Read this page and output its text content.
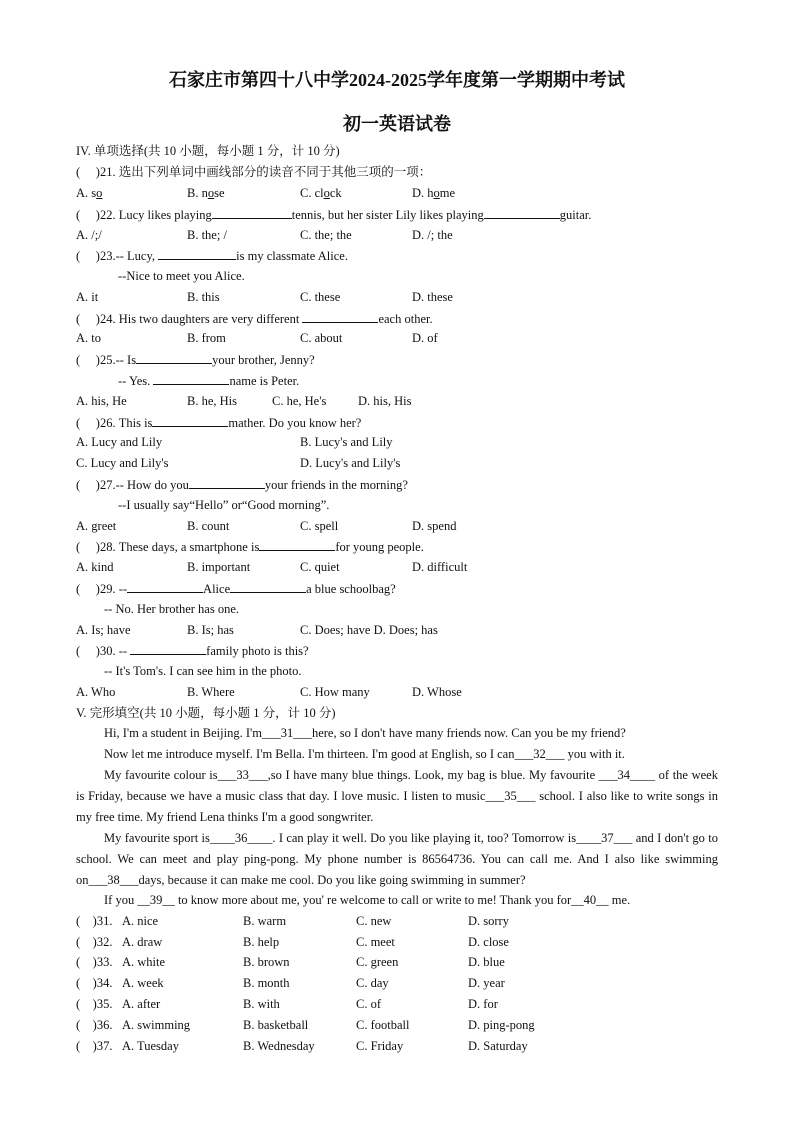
石家庄市第四十八中学2024-2025学年度第一学期期中考试
初一英语试卷
IV. 单项选择(共 10 小题，每小题 1 分，计 10 分)
( )21. 选出下列单词中画线部分的读音不同于其他三项的一项：
A. so	B. nose	C. clock	D. home
( )22. Lucy likes playing	tennis, but her sister Lily likes playing	guitar.
A. /;/	B. the; /	C. the; the	D. /; the
( )23.-- Lucy,	is my classmate Alice.
--Nice to meet you Alice.
A. it	B. this	C. these	D. these
( )24. His two daughters are very different	each other.
A. to	B. from	C. about	D. of
( )25.-- Is	your brother, Jenny?
-- Yes.	name is Peter.
A. his, He	B. he, His	C. he, He's	D. his, His
( )26. This is	mather. Do you know her?
A. Lucy and Lily	B. Lucy's and Lily
C. Lucy and Lily's	D. Lucy's and Lily's
( )27.-- How do you	your friends in the morning?
--I usually say“Hello” or“Good morning”.
A. greet	B. count	C. spell	D. spend
( )28. These days, a smartphone is	for young people.
A. kind	B. important	C. quiet	D. difficult
( )29. --	Alice	a blue schoolbag?
-- No. Her brother has one.
A. Is; have	B. Is; has	C. Does; have D. Does; has
( )30. --	family photo is this?
-- It's Tom's. I can see him in the photo.
A. Who	B. Where	C. How many	D. Whose
V. 完形填空(共 10 小题，每小题 1 分，计 10 分)
Hi, I'm a student in Beijing. I'm___31___here, so I don't have many friends now. Can you be my friend?
Now let me introduce myself. I'm Bella. I'm thirteen. I'm good at English, so I can___32___ you with it.
My favourite colour is___33___,so I have many blue things. Look, my bag is blue. My favourite ___34____ of the week is Friday, because we have a music class that day. I love music. I listen to music___35___ school. I also like to write songs in my free time. My friend Lena thinks I'm a good songwriter.
My favourite sport is____36____. I can play it well. Do you like playing it, too? Tomorrow is____37___ and I don't go to school. We can meet and play ping-pong. My phone number is 86564736. You can call me. And I also like swimming on___38___days, because it can make me cool. Do you like going swimming in summer?
If you __39__ to know more about me, you' re welcome to call or write to me! Thank you for__40__ me.
( )31. A. nice	B. warm	C. new	D. sorry
( )32. A. draw	B. help	C. meet	D. close
( )33. A. white	B. brown	C. green	D. blue
( )34. A. week	B. month	C. day	D. year
( )35. A. after	B. with	C. of	D. for
( )36. A. swimming	B. basketball	C. football	D. ping-pong
( )37. A. Tuesday	B. Wednesday	C. Friday	D. Saturday
